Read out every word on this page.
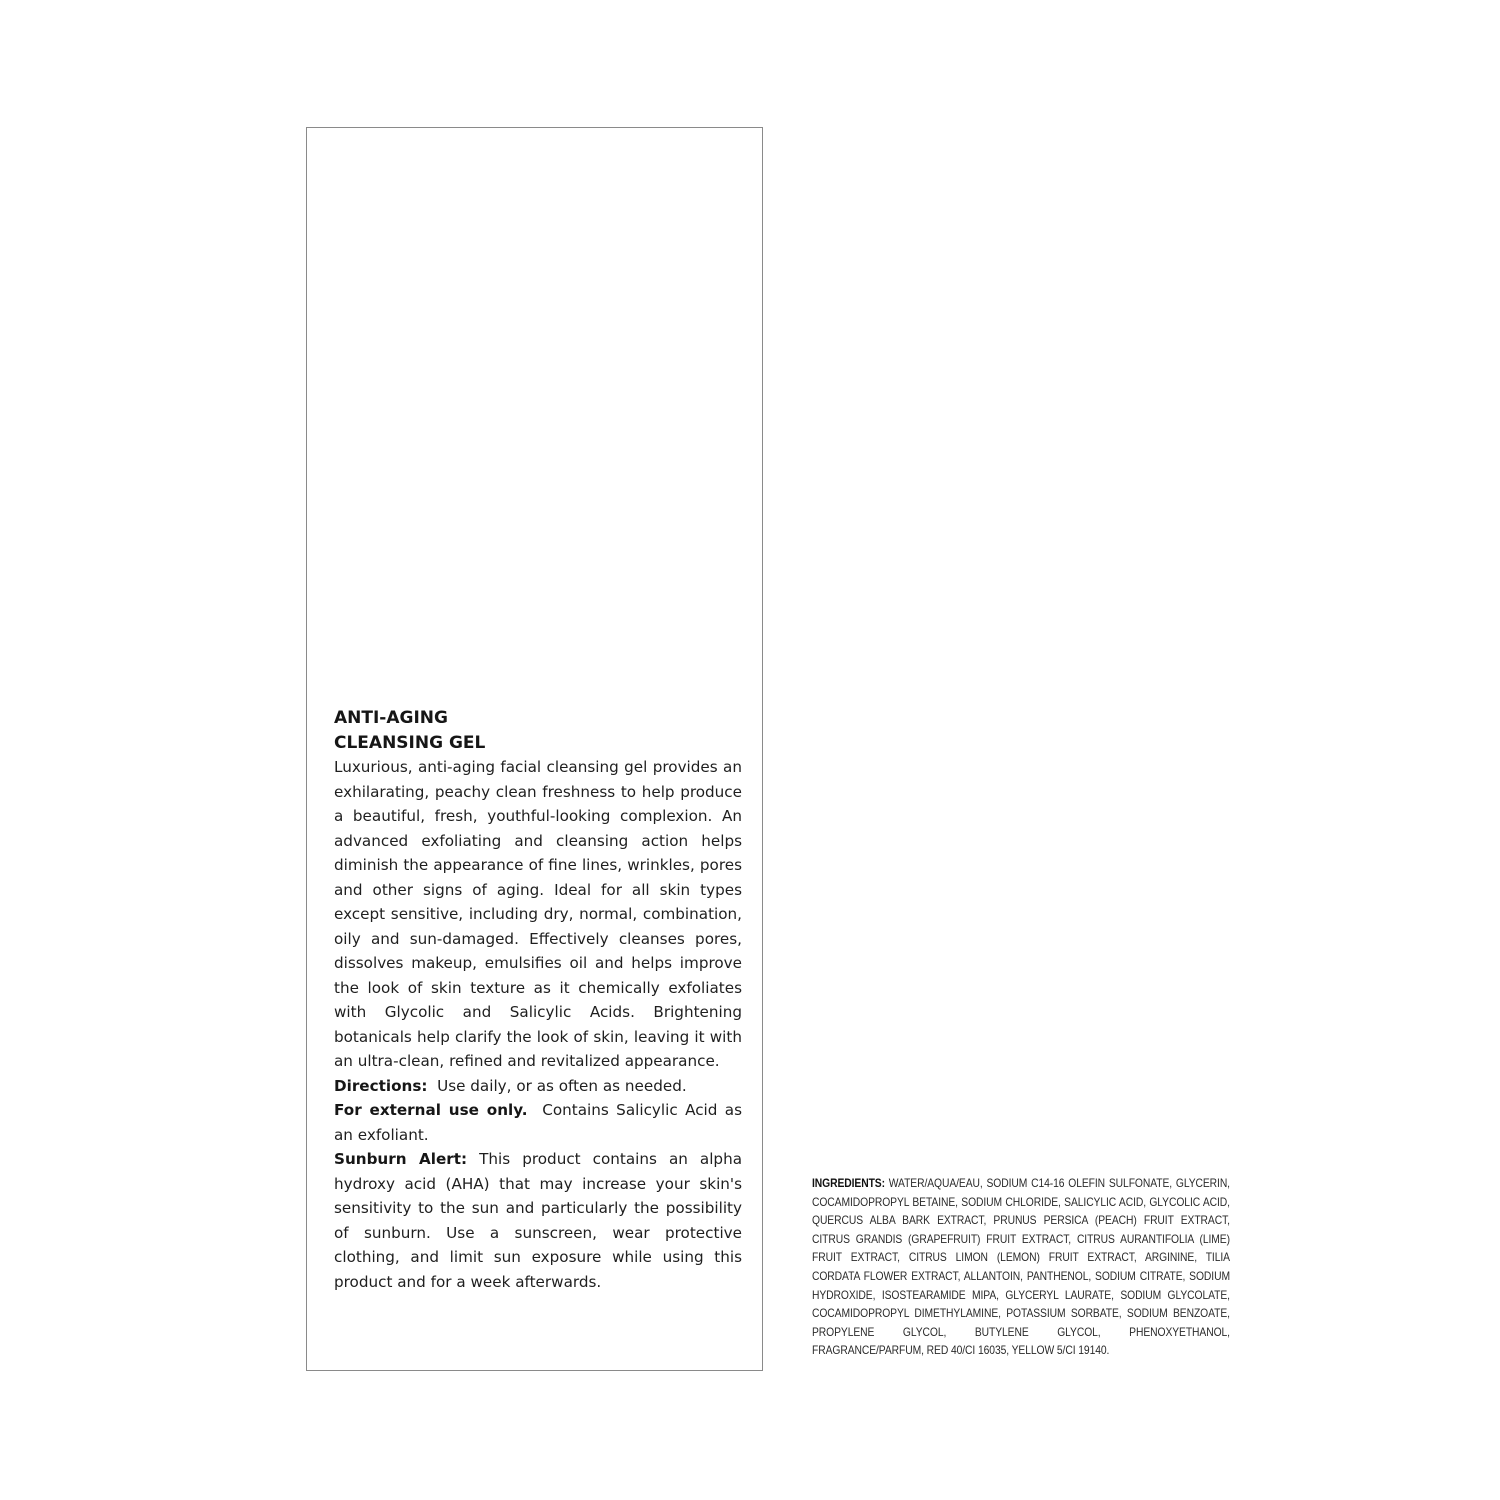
ANTI-AGING
CLEANSING GEL

Luxurious, anti-aging facial cleansing gel provides an exhilarating, peachy clean freshness to help produce a beautiful, fresh, youthful-looking complexion. An advanced exfoliating and cleansing action helps diminish the appearance of fine lines, wrinkles, pores and other signs of aging. Ideal for all skin types except sensitive, including dry, normal, combination, oily and sun-damaged. Effectively cleanses pores, dissolves makeup, emulsifies oil and helps improve the look of skin texture as it chemically exfoliates with Glycolic and Salicylic Acids. Brightening botanicals help clarify the look of skin, leaving it with an ultra-clean, refined and revitalized appearance.

Directions: Use daily, or as often as needed.

For external use only. Contains Salicylic Acid as an exfoliant.

Sunburn Alert: This product contains an alpha hydroxy acid (AHA) that may increase your skin's sensitivity to the sun and particularly the possibility of sunburn. Use a sunscreen, wear protective clothing, and limit sun exposure while using this product and for a week afterwards.

INGREDIENTS: WATER/AQUA/EAU, SODIUM C14-16 OLEFIN SULFONATE, GLYCERIN, COCAMIDOPROPYL BETAINE, SODIUM CHLORIDE, SALICYLIC ACID, GLYCOLIC ACID, QUERCUS ALBA BARK EXTRACT, PRUNUS PERSICA (PEACH) FRUIT EXTRACT, CITRUS GRANDIS (GRAPEFRUIT) FRUIT EXTRACT, CITRUS AURANTIFOLIA (LIME) FRUIT EXTRACT, CITRUS LIMON (LEMON) FRUIT EXTRACT, ARGININE, TILIA CORDATA FLOWER EXTRACT, ALLANTOIN, PANTHENOL, SODIUM CITRATE, SODIUM HYDROXIDE, ISOSTEARAMIDE MIPA, GLYCERYL LAURATE, SODIUM GLYCOLATE, COCAMIDOPROPYL DIMETHYLAMINE, POTASSIUM SORBATE, SODIUM BENZOATE, PROPYLENE GLYCOL, BUTYLENE GLYCOL, PHENOXYETHANOL, FRAGRANCE/PARFUM, RED 40/CI 16035, YELLOW 5/CI 19140.
